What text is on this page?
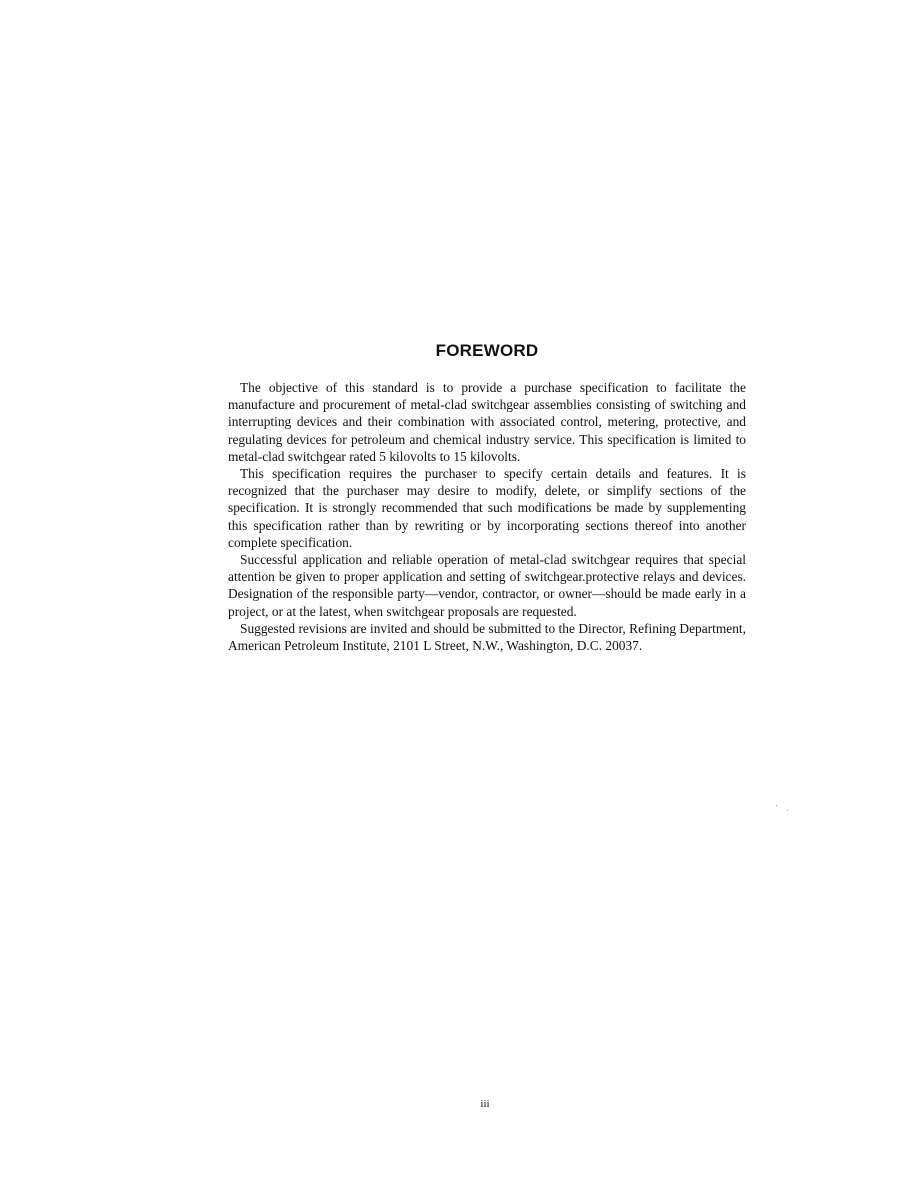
FOREWORD

The objective of this standard is to provide a purchase specification to facilitate the manufacture and procurement of metal-clad switchgear assemblies consisting of switching and interrupting devices and their combination with associated control, metering, protective, and regulating devices for petroleum and chemical industry service. This specification is limited to metal-clad switchgear rated 5 kilovolts to 15 kilovolts.

This specification requires the purchaser to specify certain details and features. It is recognized that the purchaser may desire to modify, delete, or simplify sections of the specification. It is strongly recommended that such modifications be made by supplementing this specification rather than by rewriting or by incorporating sections thereof into another complete specification.

Successful application and reliable operation of metal-clad switchgear requires that special attention be given to proper application and setting of switchgear.protective relays and devices. Designation of the responsible party—vendor, contractor, or owner—should be made early in a project, or at the latest, when switchgear proposals are requested.

Suggested revisions are invited and should be submitted to the Director, Refining Department, American Petroleum Institute, 2101 L Street, N.W., Washington, D.C. 20037.

iii
